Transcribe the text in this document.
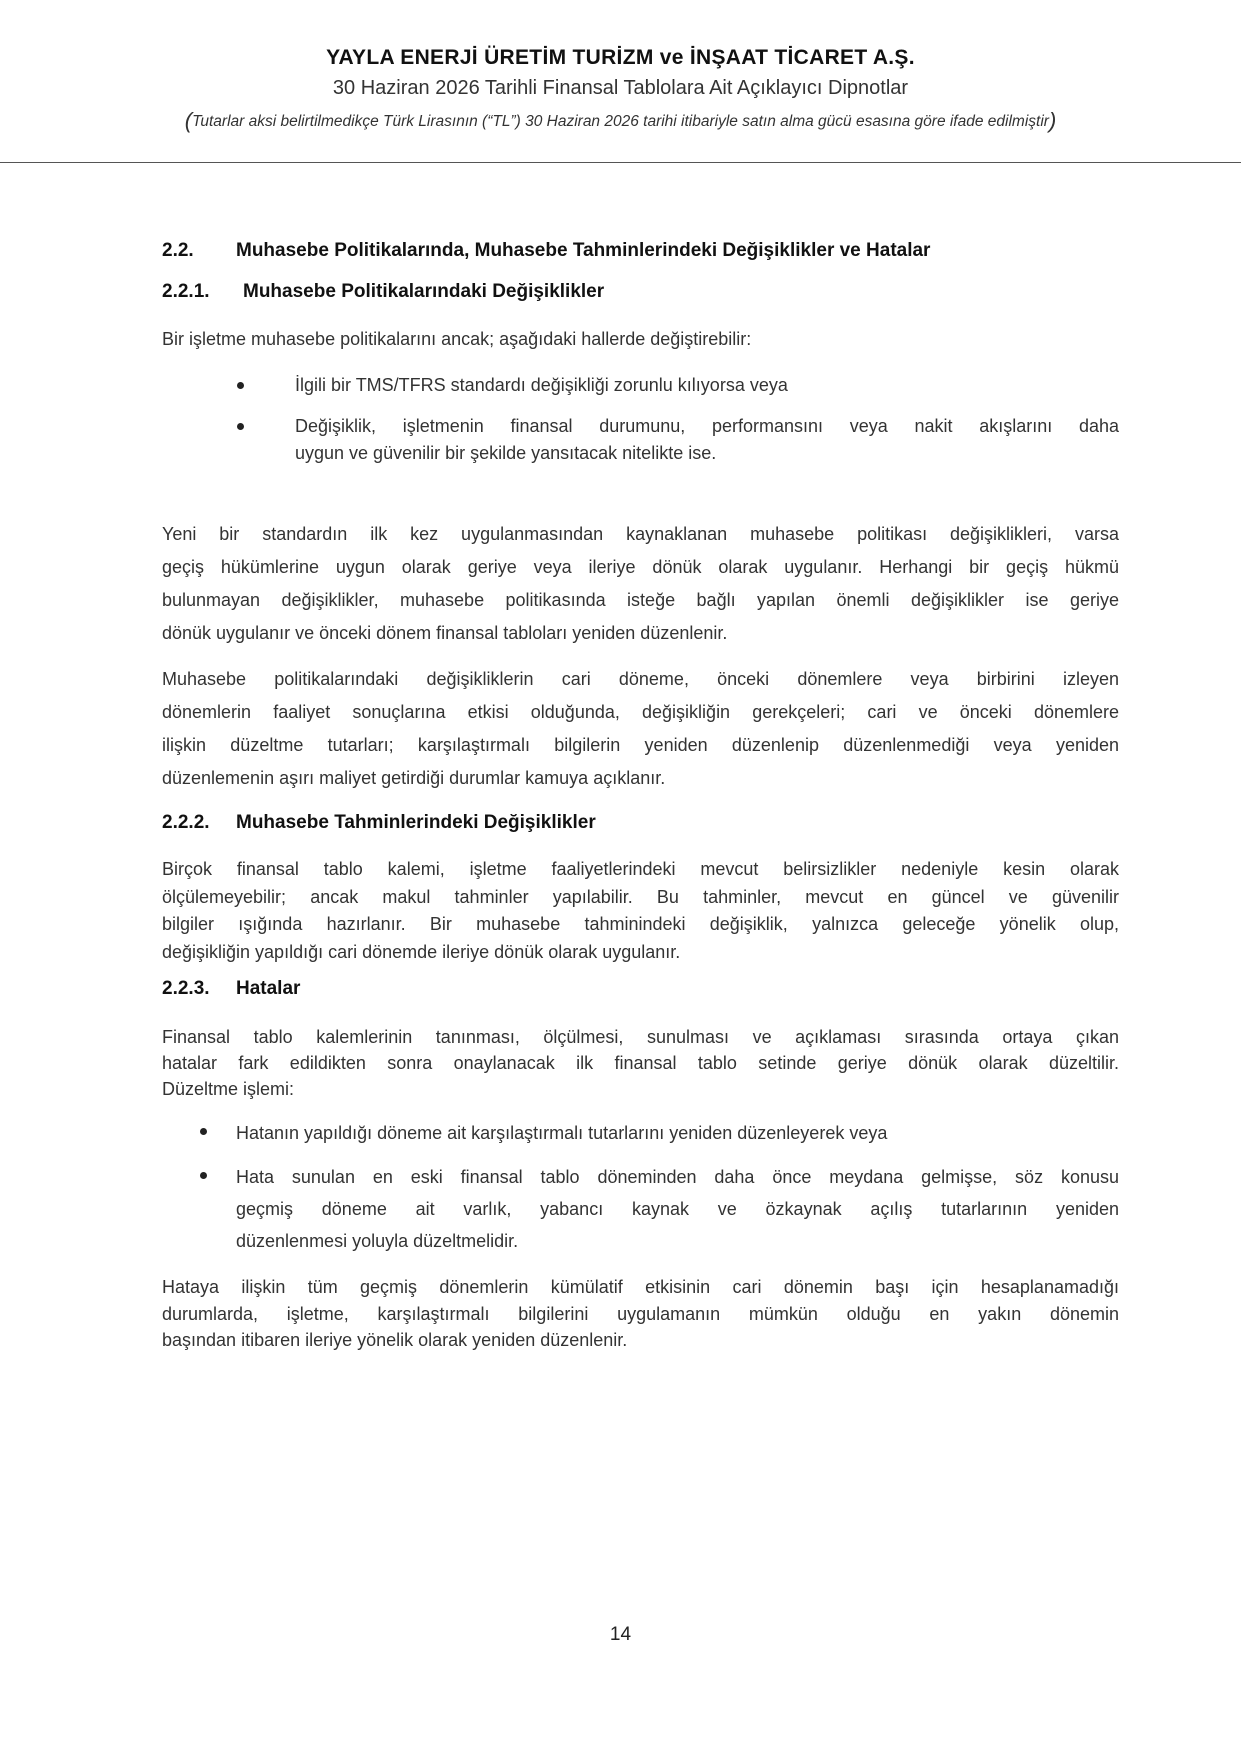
YAYLA ENERJİ ÜRETİM TURİZM ve İNŞAAT TİCARET A.Ş.
30 Haziran 2026 Tarihli Finansal Tablolara Ait Açıklayıcı Dipnotlar
(Tutarlar aksi belirtilmedikçe Türk Lirasının (“TL”) 30 Haziran 2026 tarihi itibariyle satın alma gücü esasına göre ifade edilmiştir)
2.2. Muhasebe Politikalarında, Muhasebe Tahminlerindeki Değişiklikler ve Hatalar
2.2.1. Muhasebe Politikalarındaki Değişiklikler
Bir işletme muhasebe politikalarını ancak; aşağıdaki hallerde değiştirebilir:
İlgili bir TMS/TFRS standardı değişikliği zorunlu kılıyorsa veya
Değişiklik, işletmenin finansal durumunu, performansını veya nakit akışlarını daha
uygun ve güvenilir bir şekilde yansıtacak nitelikte ise.
Yeni bir standardın ilk kez uygulanmasından kaynaklanan muhasebe politikası değişiklikleri, varsa
geçiş hükümlerine uygun olarak geriye veya ileriye dönük olarak uygulanır. Herhangi bir geçiş hükmü
bulunmayan değişiklikler, muhasebe politikasında isteğe bağlı yapılan önemli değişiklikler ise geriye
dönük uygulanır ve önceki dönem finansal tabloları yeniden düzenlenir.
Muhasebe politikalarındaki değişikliklerin cari döneme, önceki dönemlere veya birbirini izleyen
dönemlerin faaliyet sonuçlarına etkisi olduğunda, değişikliğin gerekçeleri; cari ve önceki dönemlere
ilişkin düzeltme tutarları; karşılaştırmalı bilgilerin yeniden düzenlenip düzenlenmediği veya yeniden
düzenlemenin aşırı maliyet getirdiği durumlar kamuya açıklanır.
2.2.2. Muhasebe Tahminlerindeki Değişiklikler
Birçok finansal tablo kalemi, işletme faaliyetlerindeki mevcut belirsizlikler nedeniyle kesin olarak
ölçülemeyebilir; ancak makul tahminler yapılabilir. Bu tahminler, mevcut en güncel ve güvenilir
bilgiler ışığında hazırlanır. Bir muhasebe tahminindeki değişiklik, yalnızca geleceğe yönelik olup,
değişikliğin yapıldığı cari dönemde ileriye dönük olarak uygulanır.
2.2.3. Hatalar
Finansal tablo kalemlerinin tanınması, ölçülmesi, sunulması ve açıklaması sırasında ortaya çıkan
hatalar fark edildikten sonra onaylanacak ilk finansal tablo setinde geriye dönük olarak düzeltilir.
Düzeltme işlemi:
Hatanın yapıldığı döneme ait karşılaştırmalı tutarlarını yeniden düzenleyerek veya
Hata sunulan en eski finansal tablo döneminden daha önce meydana gelmişse, söz konusu
geçmiş döneme ait varlık, yabancı kaynak ve özkaynak açılış tutarlarının yeniden
düzenlenmesi yoluyla düzeltmelidir.
Hataya ilişkin tüm geçmiş dönemlerin kümülatif etkisinin cari dönemin başı için hesaplanamadığı
durumlarda, işletme, karşılaştırmalı bilgilerini uygulamanın mümkün olduğu en yakın dönemin
başından itibaren ileriye yönelik olarak yeniden düzenlenir.
14
